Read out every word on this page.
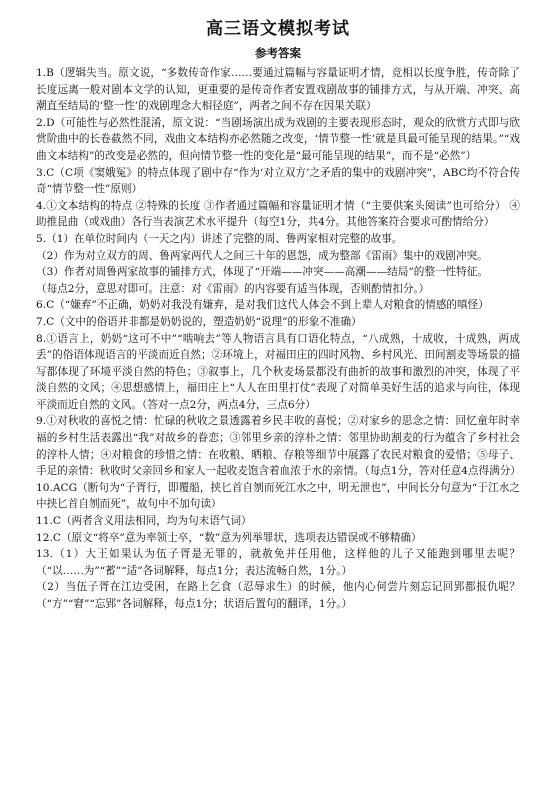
高三语文模拟考试
参考答案

1.B（逻辑失当。原文说，“多数传奇作家……要通过篇幅与容量证明才情，竞相以长度争胜，传奇除了长度远离一般对剧本文学的认知，更重要的是传奇作者安置戏剧故事的铺排方式，与从开端、冲突、高潮直至结局的‘整一性’的戏剧理念大相径庭”，两者之间不存在因果关联）

2.D（可能性与必然性混淆，原文说：“当剧场演出成为戏剧的主要表现形态时，观众的欣赏方式即与欣赏阶曲中的长卷截然不同，戏曲文本结构亦必然随之改变，‘情节整一性’就是具最可能呈现的结果。”“戏曲文本结构”的改变是必然的，但向情节整一性的变化是“最可能呈现的结果”，而不是“必然”）

3.C（C项《窦娥冤》的特点体现了剧中存“作为‘对立双方’之矛盾的集中的戏剧冲突”，ABC均不符合传奇“情节整一性”原则）

4.①文本结构的特点 ②特殊的长度 ③作者通过篇幅和容量证明才情（“主要供案头阅读”也可给分） ④助推昆曲（或戏曲）各行当表演艺术水平提升（每空1分，共4分。其他答案符合要求可酌情给分）

5.（1）在单位时间内（一天之内）讲述了完整的周、鲁两家相对完整的故事。

（2）作为对立双方的周、鲁两家两代人之间三十年的恩怨，成为整部《雷雨》集中的戏剧冲突。

（3）作者对周鲁两家故事的铺排方式，体现了“开端——冲突——高潮——结局”的整一性特征。

（每点2分，意思对即可。注意：对《雷雨》的内容要有适当体现，否则酌情扣分。）

6.C（“嫌弃”不正确，奶奶对我没有嫌弃，是对我们这代人体会不到上辈人对粮食的情感的嗔怪）

7.C（文中的俗语并非都是奶奶说的，塑造奶奶“说理”的形象不准确）

8.①语言上，奶奶“这可不中”“啮响去”等人物语言具有口语化特点，“八成熟，十成收，十成熟，两成丢”的俗语体现语言的平淡而近自然；②环境上，对福田庄的四时风物、乡村风光、田间割麦等场景的描写都体现了环境平淡自然的特色；③叙事上，几个秋麦场景都没有曲折的故事和激烈的冲突，体现了平淡自然的文风；④思想感情上，福田庄上“人人在田里打仗”表现了对简单美好生活的追求与向往，体现平淡而近自然的文风。（答对一点2分，两点4分，三点6分）

9.①对秋收的喜悦之情：忙碌的秋收之景透露着乡民丰收的喜悦；②对家乡的思念之情：回忆童年时幸福的乡村生活表露出“我”对故乡的眷恋；③邻里乡亲的淳朴之情：邻里协助割麦的行为蕴含了乡村社会的淳朴人情；④对粮食的珍惜之情：在收粮、晒粮、存粮等细节中展露了农民对粮食的爱惜；⑤母子、手足的亲情：秋收时父亲回乡和家人一起收麦饱含着血浓于水的亲情。（每点1分，答对任意4点得满分）

10.ACG（断句为“子胥行，即覆船，挟匕首自刎而死江水之中，明无泄也”，中间长分句意为“于江水之中挟匕首自刎而死”，故句中不加句读）

11.C（两者含义用法相同，均为句末语气词）

12.C（原文“将卒”意为率领士卒，“数”意为列举罪状，选项表达错误或不够精确）

13.（1）大王如果认为伍子胥是无罪的，就赦免并任用他，这样他的儿子又能跑到哪里去呢？（“以……为”“蓄”“适”各词解释，每点1分；表达流畅自然，1分。）

（2）当伍子胥在江边受困，在路上乞食（忍辱求生）的时候，他内心何尝片刻忘记回郢都报仇呢？（“方”“窘”“忘郢”各词解释，每点1分；状语后置句的翻译，1分。）
